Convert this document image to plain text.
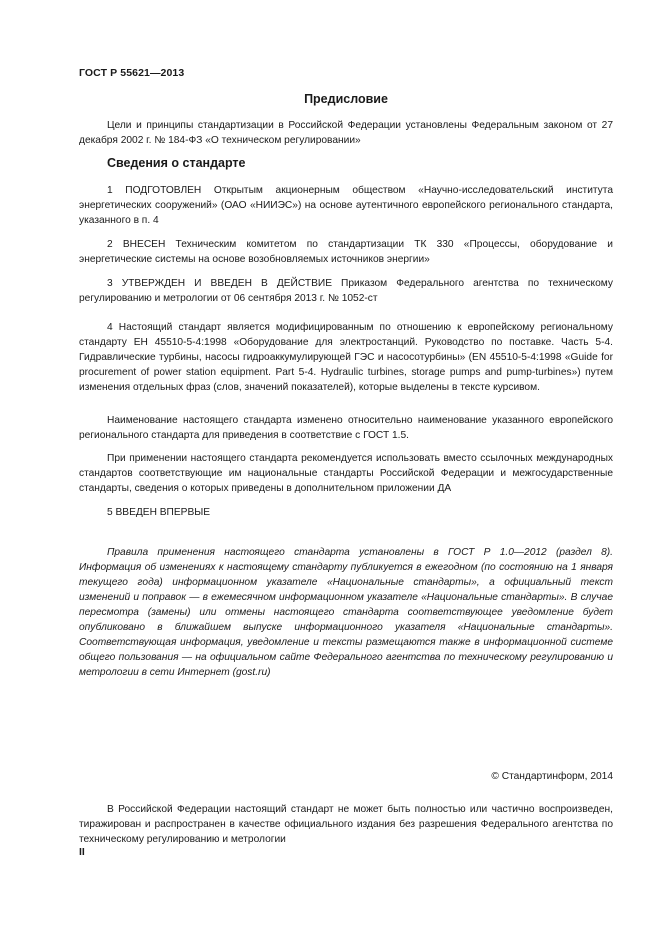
ГОСТ Р 55621—2013
Предисловие

Цели и принципы стандартизации в Российской Федерации установлены Федеральным законом от 27 декабря 2002 г. № 184-ФЗ «О техническом регулировании»

Сведения о стандарте

1 ПОДГОТОВЛЕН Открытым акционерным обществом «Научно-исследовательский института энергетических сооружений» (ОАО «НИИЭС») на основе аутентичного европейского регионального стандарта, указанного в п. 4

2 ВНЕСЕН Техническим комитетом по стандартизации ТК 330 «Процессы, оборудование и энергетические системы на основе возобновляемых источников энергии»

3 УТВЕРЖДЕН И ВВЕДЕН В ДЕЙСТВИЕ Приказом Федерального агентства по техническому регулированию и метрологии от 06 сентября 2013 г. № 1052-ст

4 Настоящий стандарт является модифицированным по отношению к европейскому региональному стандарту ЕН 45510-5-4:1998 «Оборудование для электростанций. Руководство по поставке. Часть 5-4. Гидравлические турбины, насосы гидроаккумулирующей ГЭС и насосотурбины» (EN 45510-5-4:1998 «Guide for procurement of power station equipment. Part 5-4. Hydraulic turbines, storage pumps and pump-turbines») путем изменения отдельных фраз (слов, значений показателей), которые выделены в тексте курсивом.

Наименование настоящего стандарта изменено относительно наименование указанного европейского регионального стандарта для приведения в соответствие с ГОСТ 1.5.

При применении настоящего стандарта рекомендуется использовать вместо ссылочных международных стандартов соответствующие им национальные стандарты Российской Федерации и межгосударственные стандарты, сведения о которых приведены в дополнительном приложении ДА

5 ВВЕДЕН ВПЕРВЫЕ

Правила применения настоящего стандарта установлены в ГОСТ Р 1.0—2012 (раздел 8). Информация об изменениях к настоящему стандарту публикуется в ежегодном (по состоянию на 1 января текущего года) информационном указателе «Национальные стандарты», а официальный текст изменений и поправок — в ежемесячном информационном указателе «Национальные стандарты». В случае пересмотра (замены) или отмены настоящего стандарта соответствующее уведомление будет опубликовано в ближайшем выпуске информационного указателя «Национальные стандарты». Соответствующая информация, уведомление и тексты размещаются также в информационной системе общего пользования — на официальном сайте Федерального агентства по техническому регулированию и метрологии в сети Интернет (gost.ru)

© Стандартинформ, 2014

В Российской Федерации настоящий стандарт не может быть полностью или частично воспроизведен, тиражирован и распространен в качестве официального издания без разрешения Федерального агентства по техническому регулированию и метрологии

II
